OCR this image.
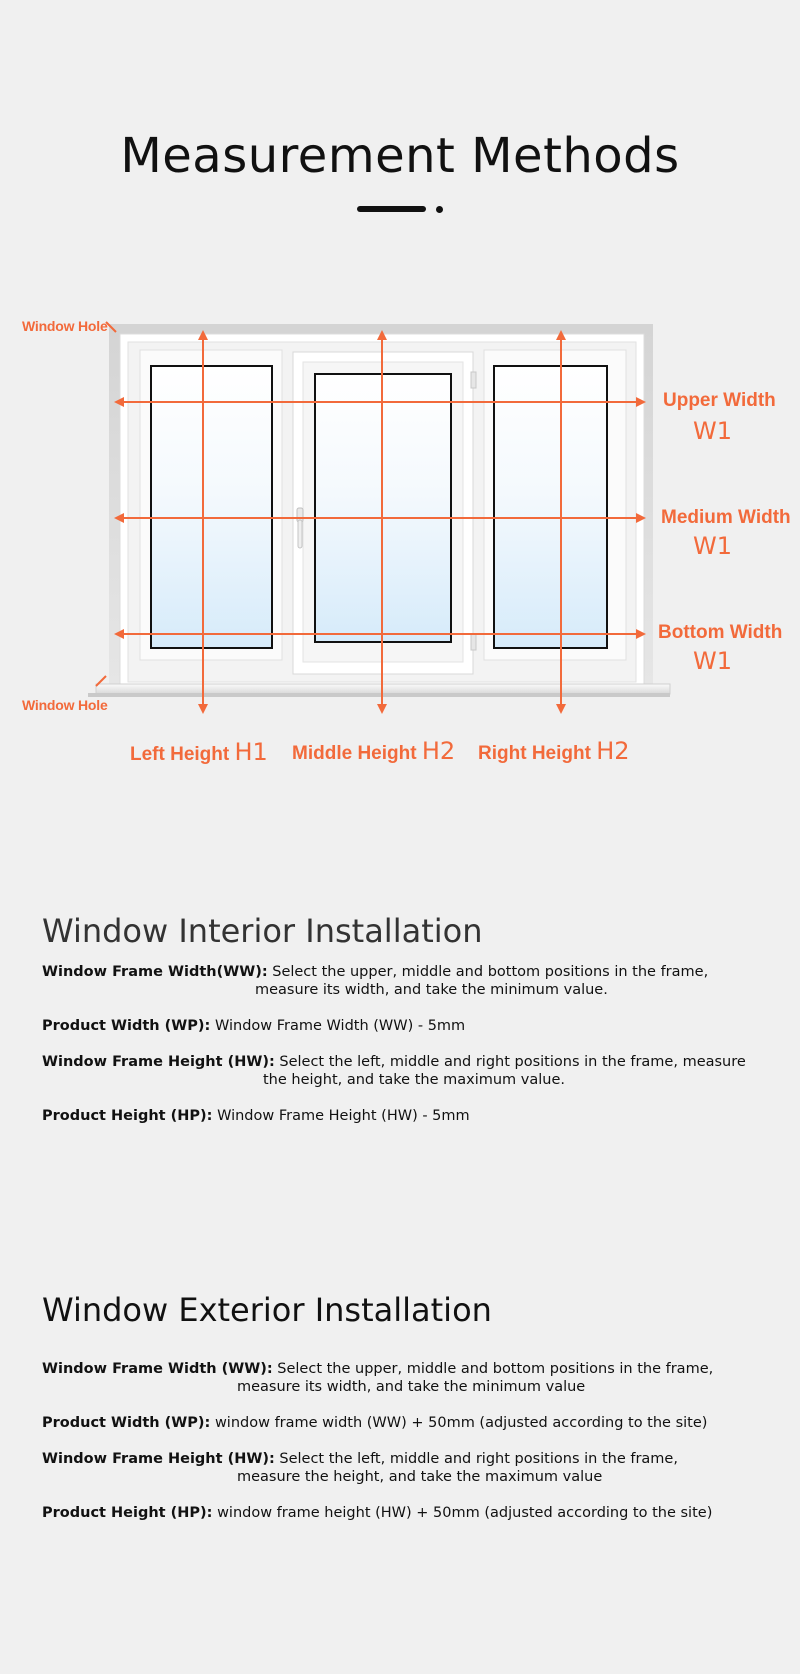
Measurement Methods
Window Hole
Window Hole
Upper Width
W1
Medium Width
W1
Bottom Width
W1
Left Height H1 Middle Height H2 Right Height H2
Window Interior Installation
Window Frame Width(WW): Select the upper, middle and bottom positions in the frame,
measure its width, and take the minimum value.
Product Width (WP): Window Frame Width (WW) - 5mm
Window Frame Height (HW): Select the left, middle and right positions in the frame, measure
the height, and take the maximum value.
Product Height (HP): Window Frame Height (HW) - 5mm
Window Exterior Installation
Window Frame Width (WW): Select the upper, middle and bottom positions in the frame,
measure its width, and take the minimum value
Product Width (WP): window frame width (WW) + 50mm (adjusted according to the site)
Window Frame Height (HW): Select the left, middle and right positions in the frame,
measure the height, and take the maximum value
Product Height (HP): window frame height (HW) + 50mm (adjusted according to the site)
